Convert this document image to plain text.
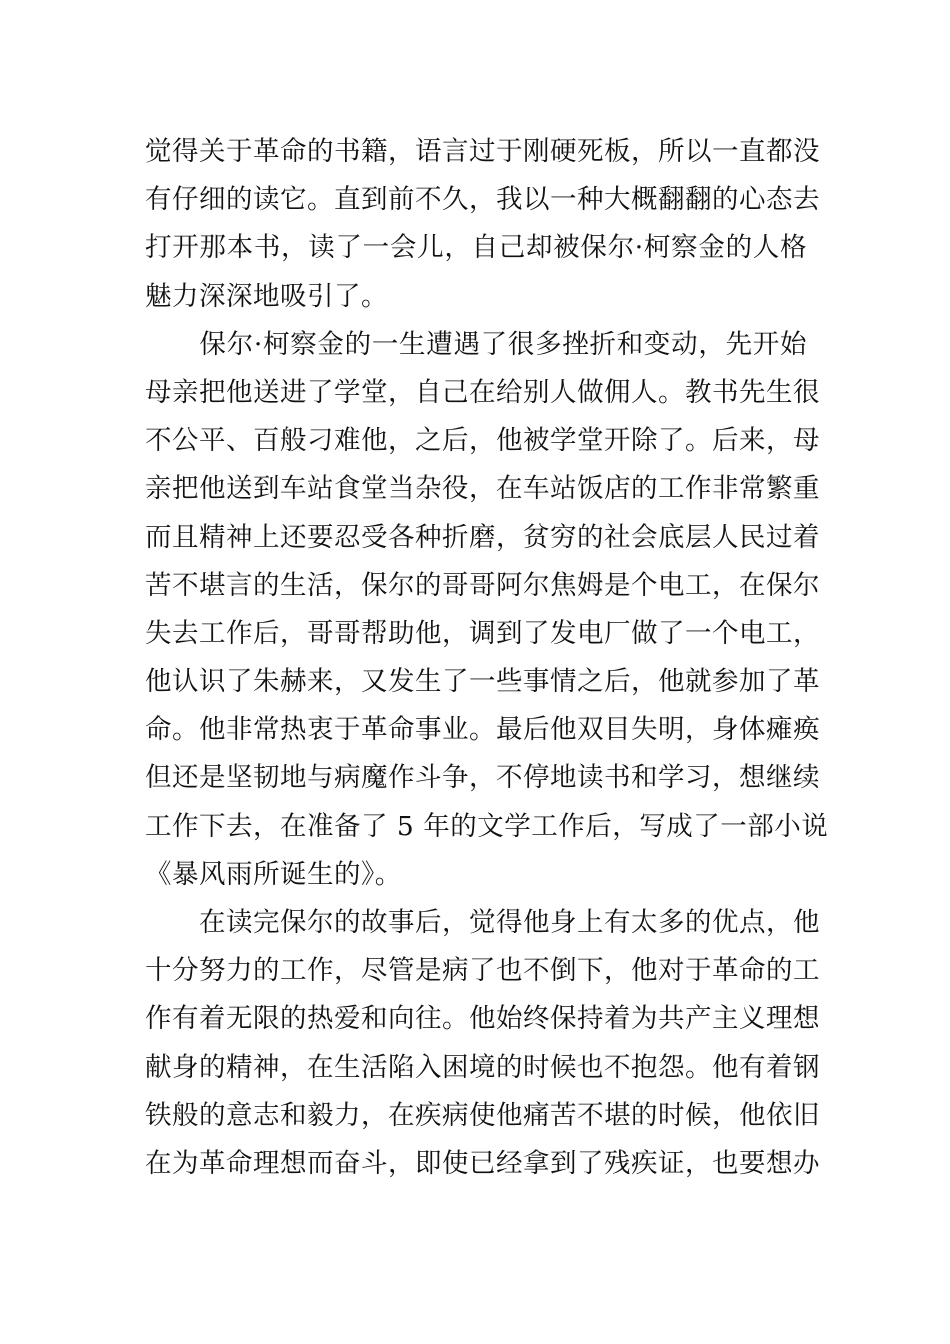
觉得关于革命的书籍，语言过于刚硬死板，所以一直都没
有仔细的读它。直到前不久，我以一种大概翻翻的心态去
打开那本书，读了一会儿，自己却被保尔·柯察金的人格
魅力深深地吸引了。
　　保尔·柯察金的一生遭遇了很多挫折和变动，先开始
母亲把他送进了学堂，自己在给别人做佣人。教书先生很
不公平、百般刁难他，之后，他被学堂开除了。后来，母
亲把他送到车站食堂当杂役，在车站饭店的工作非常繁重
而且精神上还要忍受各种折磨，贫穷的社会底层人民过着
苦不堪言的生活，保尔的哥哥阿尔焦姆是个电工，在保尔
失去工作后，哥哥帮助他，调到了发电厂做了一个电工，
他认识了朱赫来，又发生了一些事情之后，他就参加了革
命。他非常热衷于革命事业。最后他双目失明，身体瘫痪
但还是坚韧地与病魔作斗争，不停地读书和学习，想继续
工作下去，在准备了 5 年的文学工作后，写成了一部小说
《暴风雨所诞生的》。
　　在读完保尔的故事后，觉得他身上有太多的优点，他
十分努力的工作，尽管是病了也不倒下，他对于革命的工
作有着无限的热爱和向往。他始终保持着为共产主义理想
献身的精神，在生活陷入困境的时候也不抱怨。他有着钢
铁般的意志和毅力，在疾病使他痛苦不堪的时候，他依旧
在为革命理想而奋斗，即使已经拿到了残疾证，也要想办
